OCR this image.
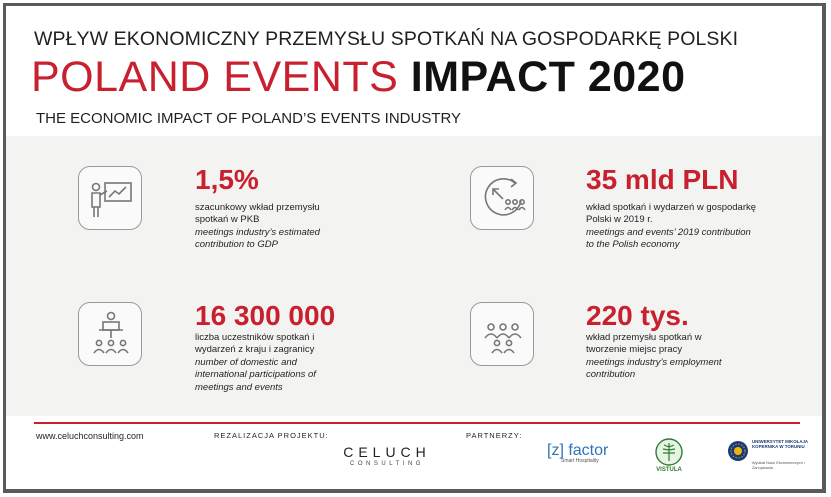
WPŁYW EKONOMICZNY PRZEMYSŁU SPOTKAŃ NA GOSPODARKĘ POLSKI
POLAND EVENTS IMPACT 2020
THE ECONOMIC IMPACT OF POLAND’S EVENTS INDUSTRY
1,5%
szacunkowy wkład przemysłu spotkań w PKB
meetings industry’s estimated contribution to GDP
35 mld PLN
wkład spotkań i wydarzeń w gospodarkę Polski w 2019 r.
meetings and events’ 2019 contribution to the Polish economy
16 300 000
liczba uczestników spotkań i wydarzeń z kraju i zagranicy
number of domestic and international participations of meetings and events
220 tys.
wkład przemysłu spotkań w tworzenie miejsc pracy
meetings industry’s employment contribution
www.celuchconsulting.com	REZALIZACJA PROJEKTU:	PARTNERZY:
CELUCH
CONSULTING
[z] factor
Smart Hospitality
VISTULA
UNIWERSYTET MIKOŁAJA KOPERNIKA W TORUNIU
Wydział Nauk Ekonomicznych i Zarządzania
